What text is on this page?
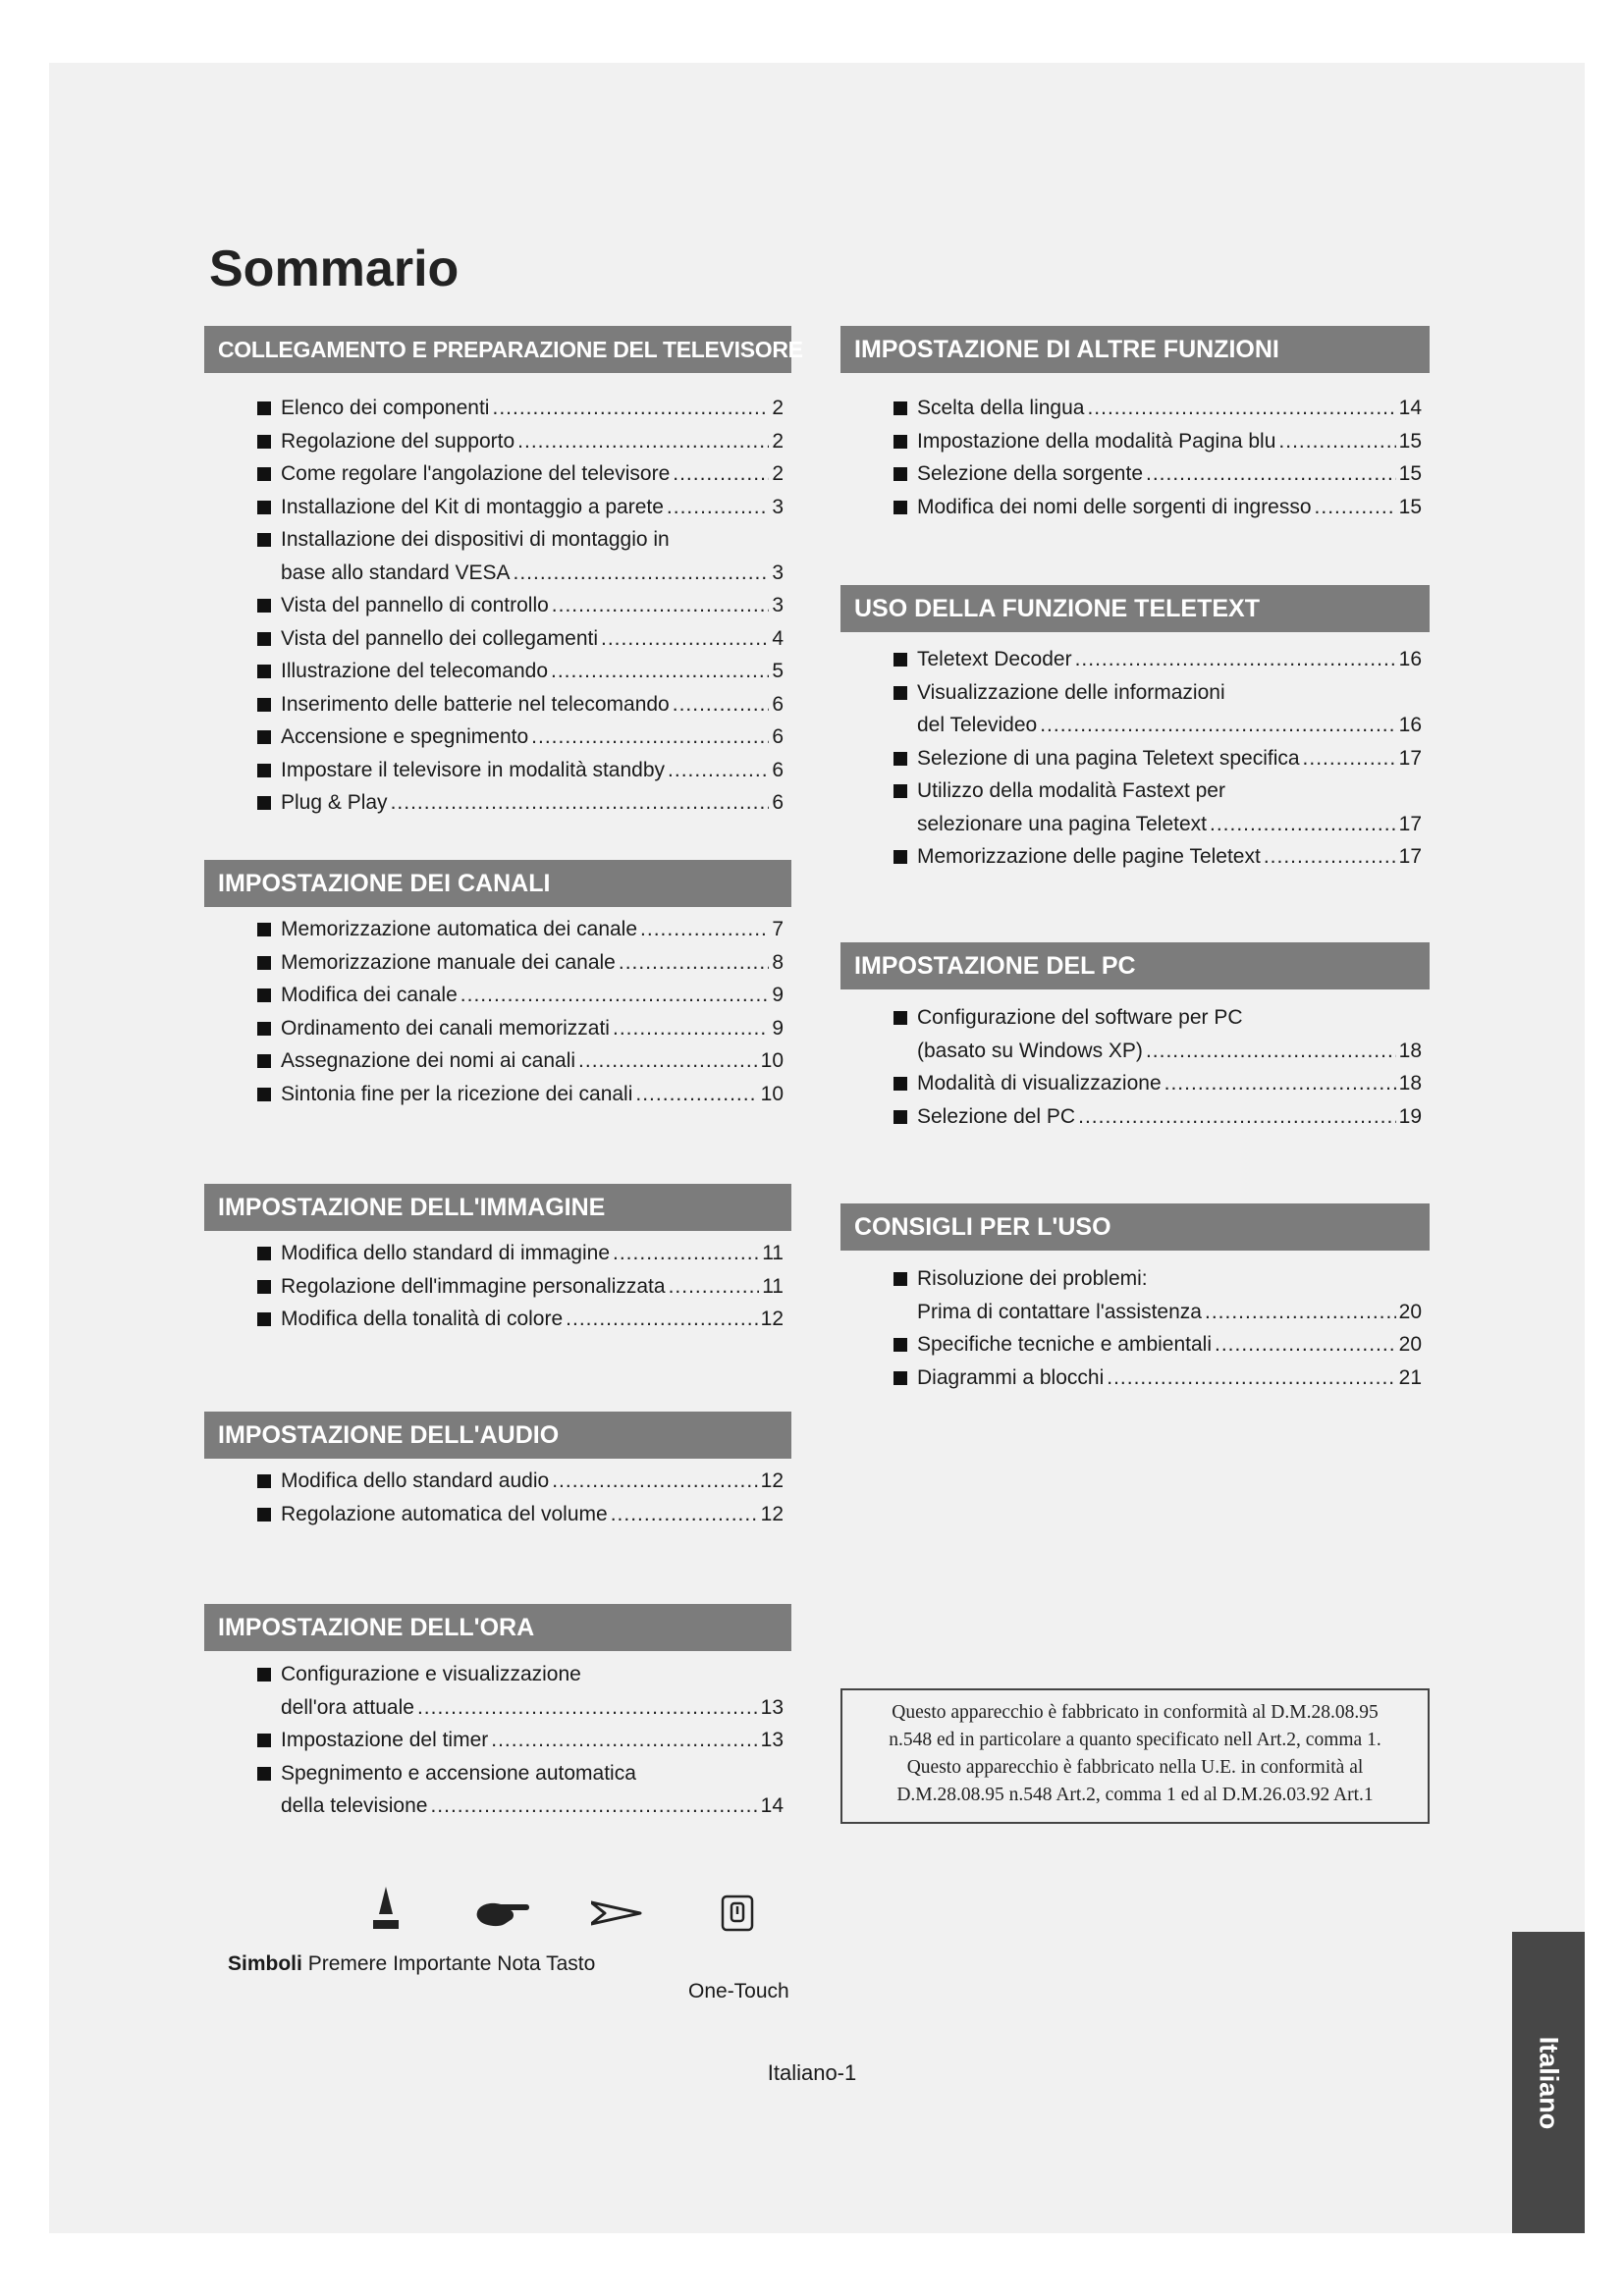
Sommario
COLLEGAMENTO E PREPARAZIONE DEL TELEVISORE
Elenco dei componenti .....	2
Regolazione del supporto .....	2
Come regolare l'angolazione del televisore .....	2
Installazione del Kit di montaggio a parete .....	3
Installazione dei dispositivi di montaggio in
base allo standard VESA .....	3
Vista del pannello di controllo .....	3
Vista del pannello dei collegamenti .....	4
Illustrazione del telecomando .....	5
Inserimento delle batterie nel telecomando .....	6
Accensione e spegnimento .....	6
Impostare il televisore in modalità standby .....	6
Plug & Play .....	6
IMPOSTAZIONE DEI CANALI
Memorizzazione automatica dei canale .....	7
Memorizzazione manuale dei canale .....	8
Modifica dei canale .....	9
Ordinamento dei canali memorizzati .....	9
Assegnazione dei nomi ai canali .....	10
Sintonia fine per la ricezione dei canali .....	10
IMPOSTAZIONE DELL'IMMAGINE
Modifica dello standard di immagine .....	11
Regolazione dell'immagine personalizzata .....	11
Modifica della tonalità di colore .....	12
IMPOSTAZIONE DELL'AUDIO
Modifica dello standard audio .....	12
Regolazione automatica del volume .....	12
IMPOSTAZIONE DELL'ORA
Configurazione e visualizzazione
dell'ora attuale .....	13
Impostazione del timer .....	13
Spegnimento e accensione automatica
della televisione .....	14
IMPOSTAZIONE DI ALTRE FUNZIONI
Scelta della lingua .....	14
Impostazione della modalità Pagina blu .....	15
Selezione della sorgente .....	15
Modifica dei nomi delle sorgenti di ingresso .....	15
USO DELLA FUNZIONE TELETEXT
Teletext Decoder .....	16
Visualizzazione delle informazioni
del Televideo .....	16
Selezione di una pagina Teletext specifica .....	17
Utilizzo della modalità Fastext per
selezionare una pagina Teletext .....	17
Memorizzazione delle pagine Teletext .....	17
IMPOSTAZIONE DEL PC
Configurazione del software per PC
(basato su Windows XP) .....	18
Modalità di visualizzazione .....	18
Selezione del PC .....	19
CONSIGLI PER L'USO
Risoluzione dei problemi:
Prima di contattare l'assistenza .....	20
Specifiche tecniche e ambientali .....	20
Diagrammi a blocchi .....	21
Simboli Premere Importante Nota Tasto
One-Touch
Questo apparecchio è fabbricato in conformità al D.M.28.08.95
n.548 ed in particolare a quanto specificato nell Art.2, comma 1.
Questo apparecchio è fabbricato nella U.E. in conformità al
D.M.28.08.95 n.548 Art.2, comma 1 ed al D.M.26.03.92 Art.1
Italiano-1	Italiano
